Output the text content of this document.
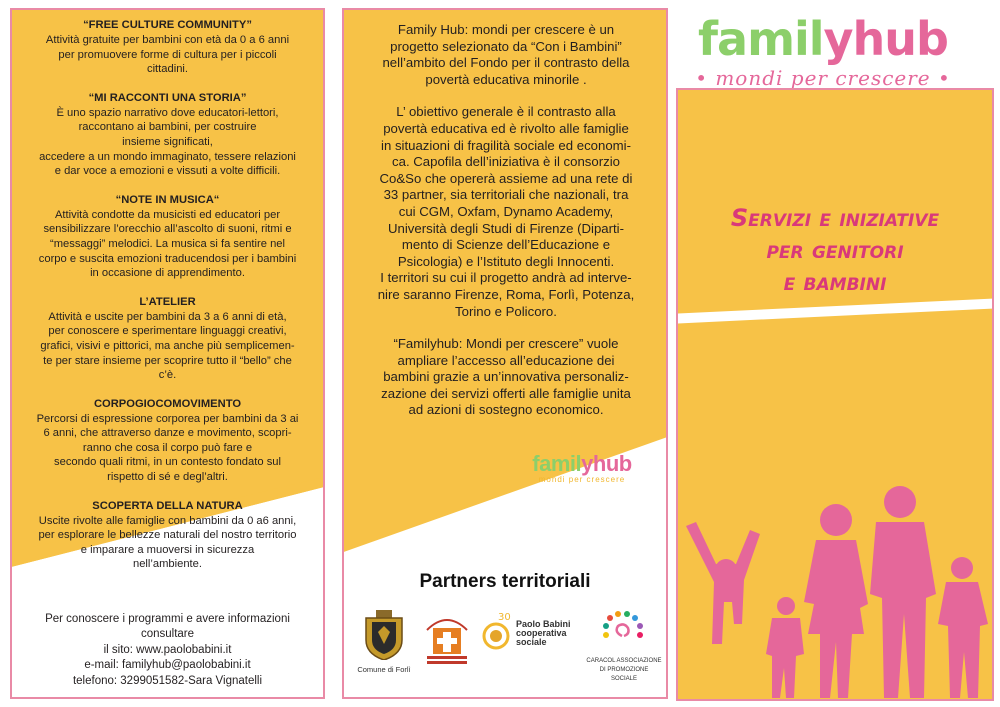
“FREE CULTURE COMMUNITY”

Attività gratuite per bambini con età da 0 a 6 anni
per promuovere forme di cultura per i piccoli
cittadini.

“MI RACCONTI UNA STORIA”

È uno spazio narrativo dove educatori-lettori,
raccontano ai bambini, per costruire
insieme significati,
accedere a un mondo immaginato, tessere relazioni
e dar voce a emozioni e vissuti a volte difficili.

“NOTE IN MUSICA“

Attività condotte da musicisti ed educatori per
sensibilizzare l’orecchio all’ascolto di suoni, ritmi e
“messaggi” melodici. La musica si fa sentire nel
corpo e suscita emozioni traducendosi per i bambini
in occasione di apprendimento.

L’ATELIER

Attività e uscite per bambini da 3 a 6 anni di età,
per conoscere e sperimentare linguaggi creativi,
grafici, visivi e pittorici, ma anche più semplicemen-
te per stare insieme per scoprire tutto il “bello” che
c’è.

CORPOGIOCOMOVIMENTO

Percorsi di espressione corporea per bambini da 3 ai
6 anni, che attraverso danze e movimento, scopri-
ranno che cosa il corpo può fare e
secondo quali ritmi, in un contesto fondato sul
rispetto di sé e degl’altri.

SCOPERTA DELLA NATURA

Uscite rivolte alle famiglie con bambini da 0 a6 anni,
per esplorare le bellezze naturali del nostro territorio
e imparare a muoversi in sicurezza
nell’ambiente.

Per conoscere i programmi e avere informazioni
consultare
il sito: www.paolobabini.it
e-mail: familyhub@paolobabini.it
telefono: 3299051582-Sara Vignatelli

Family Hub: mondi per crescere è un
progetto selezionato da “Con i Bambini”
nell’ambito del Fondo per il contrasto della
povertà educativa minorile .

L’ obiettivo generale è il contrasto alla
povertà educativa ed è rivolto alle famiglie
in situazioni di fragilità sociale ed economi-
ca. Capofila dell’iniziativa è il consorzio
Co&So che opererà assieme ad una rete di
33 partner, sia territoriali che nazionali, tra
cui CGM, Oxfam, Dynamo Academy,
Università degli Studi di Firenze (Diparti-
mento di Scienze dell’Educazione e
Psicologia) e l’Istituto degli Innocenti.
I territori su cui il progetto andrà ad interve-
nire saranno Firenze, Roma, Forlì, Potenza,
Torino e Policoro.

“Familyhub: Mondi per crescere” vuole
ampliare l’accesso all’educazione dei
bambini grazie a un’innovativa personaliz-
zazione dei servizi offerti alle famiglie unita
ad azioni di sostegno economico.

familyhub
mondi per crescere
Partners territoriali
Comune di Forlì
30
Paolo Babini cooperativa sociale
CARACOL ASSOCIAZIONE DI PROMOZIONE SOCIALE
familyhub
• mondi per crescere •
Servizi e iniziative
per genitori
e bambini
